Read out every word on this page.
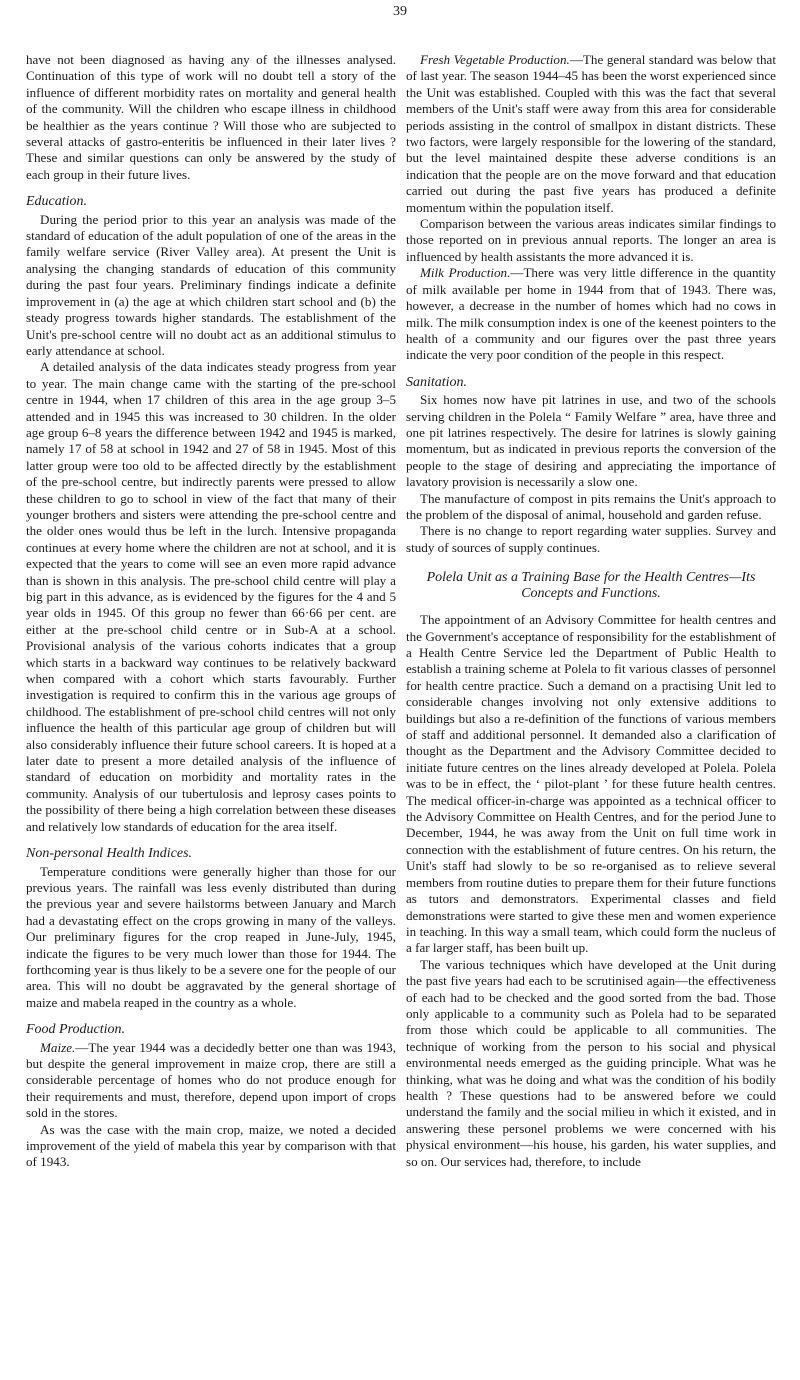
39

have not been diagnosed as having any of the illnesses analysed. Continuation of this type of work will no doubt tell a story of the influence of different morbidity rates on mortality and general health of the community. Will the children who escape illness in childhood be healthier as the years continue ? Will those who are subjected to several attacks of gastro-enteritis be influenced in their later lives ? These and similar questions can only be answered by the study of each group in their future lives.

Education.

During the period prior to this year an analysis was made of the standard of education of the adult population of one of the areas in the family welfare service (River Valley area). At present the Unit is analysing the changing standards of education of this community during the past four years. Preliminary findings indicate a definite improvement in (a) the age at which children start school and (b) the steady progress towards higher standards. The establishment of the Unit's pre-school centre will no doubt act as an additional stimulus to early attendance at school.

A detailed analysis of the data indicates steady progress from year to year. The main change came with the starting of the pre-school centre in 1944, when 17 children of this area in the age group 3–5 attended and in 1945 this was increased to 30 children. In the older age group 6–8 years the difference between 1942 and 1945 is marked, namely 17 of 58 at school in 1942 and 27 of 58 in 1945. Most of this latter group were too old to be affected directly by the establishment of the pre-school centre, but indirectly parents were pressed to allow these children to go to school in view of the fact that many of their younger brothers and sisters were attending the pre-school centre and the older ones would thus be left in the lurch. Intensive propaganda continues at every home where the children are not at school, and it is expected that the years to come will see an even more rapid advance than is shown in this analysis. The pre-school child centre will play a big part in this advance, as is evidenced by the figures for the 4 and 5 year olds in 1945. Of this group no fewer than 66·66 per cent. are either at the pre-school child centre or in Sub-A at a school. Provisional analysis of the various cohorts indicates that a group which starts in a backward way continues to be relatively backward when compared with a cohort which starts favourably. Further investigation is required to confirm this in the various age groups of childhood. The establishment of pre-school child centres will not only influence the health of this particular age group of children but will also considerably influence their future school careers. It is hoped at a later date to present a more detailed analysis of the influence of standard of education on morbidity and mortality rates in the community. Analysis of our tubertulosis and leprosy cases points to the possibility of there being a high correlation between these diseases and relatively low standards of education for the area itself.

Non-personal Health Indices.

Temperature conditions were generally higher than those for our previous years. The rainfall was less evenly distributed than during the previous year and severe hailstorms between January and March had a devastating effect on the crops growing in many of the valleys. Our preliminary figures for the crop reaped in June-July, 1945, indicate the figures to be very much lower than those for 1944. The forthcoming year is thus likely to be a severe one for the people of our area. This will no doubt be aggravated by the general shortage of maize and mabela reaped in the country as a whole.

Food Production.

Maize.—The year 1944 was a decidedly better one than was 1943, but despite the general improvement in maize crop, there are still a considerable percentage of homes who do not produce enough for their requirements and must, therefore, depend upon import of crops sold in the stores.

As was the case with the main crop, maize, we noted a decided improvement of the yield of mabela this year by comparison with that of 1943.

Fresh Vegetable Production.—The general standard was below that of last year. The season 1944–45 has been the worst experienced since the Unit was established. Coupled with this was the fact that several members of the Unit's staff were away from this area for considerable periods assisting in the control of smallpox in distant districts. These two factors, were largely responsible for the lowering of the standard, but the level maintained despite these adverse conditions is an indication that the people are on the move forward and that education carried out during the past five years has produced a definite momentum within the population itself.

Comparison between the various areas indicates similar findings to those reported on in previous annual reports. The longer an area is influenced by health assistants the more advanced it is.

Milk Production.—There was very little difference in the quantity of milk available per home in 1944 from that of 1943. There was, however, a decrease in the number of homes which had no cows in milk. The milk consumption index is one of the keenest pointers to the health of a community and our figures over the past three years indicate the very poor condition of the people in this respect.

Sanitation.

Six homes now have pit latrines in use, and two of the schools serving children in the Polela “ Family Welfare ” area, have three and one pit latrines respectively. The desire for latrines is slowly gaining momentum, but as indicated in previous reports the conversion of the people to the stage of desiring and appreciating the importance of lavatory provision is necessarily a slow one.

The manufacture of compost in pits remains the Unit's approach to the problem of the disposal of animal, household and garden refuse.

There is no change to report regarding water supplies. Survey and study of sources of supply continues.

Polela Unit as a Training Base for the Health Centres—Its Concepts and Functions.

The appointment of an Advisory Committee for health centres and the Government's acceptance of responsibility for the establishment of a Health Centre Service led the Department of Public Health to establish a training scheme at Polela to fit various classes of personnel for health centre practice. Such a demand on a practising Unit led to considerable changes involving not only extensive additions to buildings but also a re-definition of the functions of various members of staff and additional personnel. It demanded also a clarification of thought as the Department and the Advisory Committee decided to initiate future centres on the lines already developed at Polela. Polela was to be in effect, the ‘ pilot-plant ’ for these future health centres. The medical officer-in-charge was appointed as a technical officer to the Advisory Committee on Health Centres, and for the period June to December, 1944, he was away from the Unit on full time work in connection with the establishment of future centres. On his return, the Unit's staff had slowly to be so re-organised as to relieve several members from routine duties to prepare them for their future functions as tutors and demonstrators. Experimental classes and field demonstrations were started to give these men and women experience in teaching. In this way a small team, which could form the nucleus of a far larger staff, has been built up.

The various techniques which have developed at the Unit during the past five years had each to be scrutinised again—the effectiveness of each had to be checked and the good sorted from the bad. Those only applicable to a community such as Polela had to be separated from those which could be applicable to all communities. The technique of working from the person to his social and physical environmental needs emerged as the guiding principle. What was he thinking, what was he doing and what was the condition of his bodily health ? These questions had to be answered before we could understand the family and the social milieu in which it existed, and in answering these personel problems we were concerned with his physical environment—his house, his garden, his water supplies, and so on. Our services had, therefore, to include
